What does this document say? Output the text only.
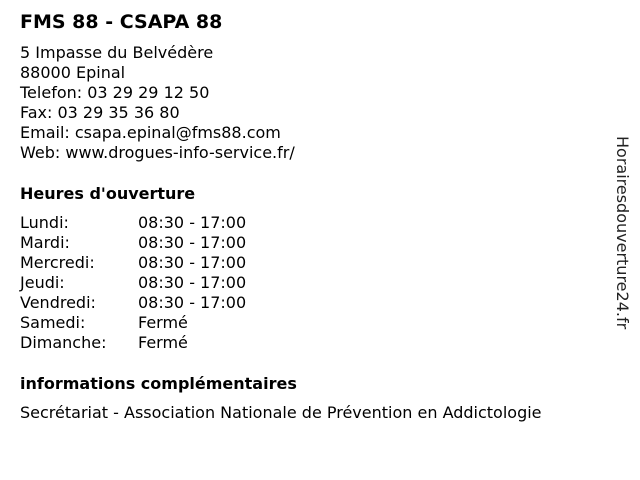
FMS 88 - CSAPA 88
5 Impasse du Belvédère
88000 Epinal
Telefon: 03 29 29 12 50
Fax: 03 29 35 36 80
Email: csapa.epinal@fms88.com
Web: www.drogues-info-service.fr/
Heures d'ouverture
Lundi:	08:30 - 17:00
Mardi:	08:30 - 17:00
Mercredi:	08:30 - 17:00
Jeudi:	08:30 - 17:00
Vendredi:	08:30 - 17:00
Samedi:	Fermé
Dimanche:	Fermé
informations complémentaires
Secrétariat - Association Nationale de Prévention en Addictologie
Horairesdouverture24.fr
